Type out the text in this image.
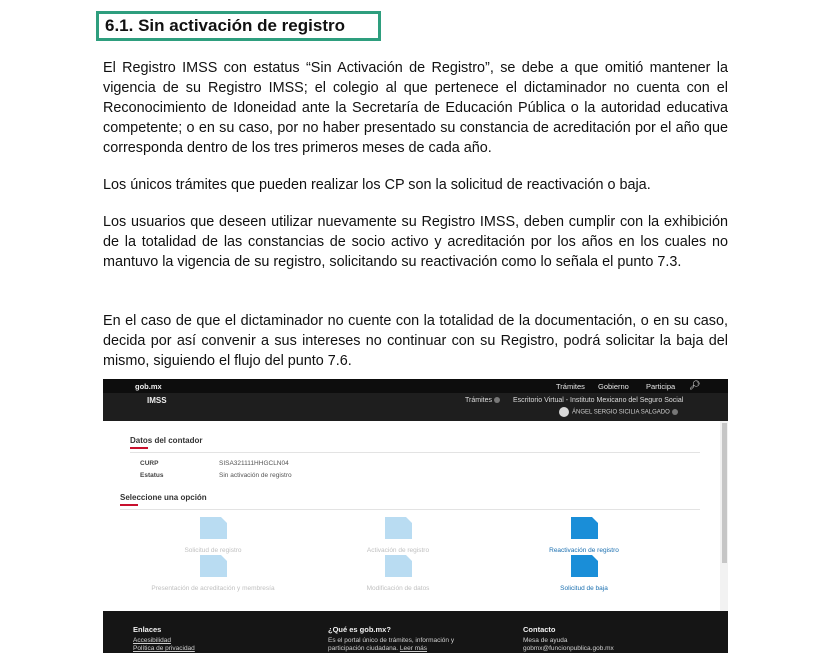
6.1. Sin activación de registro

El Registro IMSS con estatus “Sin Activación de Registro”, se debe a que omitió mantener la vigencia de su Registro IMSS; el colegio al que pertenece el dictaminador no cuenta con el Reconocimiento de Idoneidad ante la Secretaría de Educación Pública o la autoridad educativa competente; o en su caso, por no haber presentado su constancia de acreditación por el año que corresponda dentro de los tres primeros meses de cada año.

Los únicos trámites que pueden realizar los CP son la solicitud de reactivación o baja.

Los usuarios que deseen utilizar nuevamente su Registro IMSS, deben cumplir con la exhibición de la totalidad de las constancias de socio activo y acreditación por los años en los cuales no mantuvo la vigencia de su registro, solicitando su reactivación como lo señala el punto 7.3.

En el caso de que el dictaminador no cuente con la totalidad de la documentación, o en su caso, decida por así convenir a sus intereses no continuar con su Registro, podrá solicitar la baja del mismo, siguiendo el flujo del punto 7.6.

gob.mx	Trámites Gobierno Participa 🔎︎
IMSS	Trámites	Escritorio Virtual - Instituto Mexicano del Seguro Social
ÁNGEL SERGIO SICILIA SALGADO
Datos del contador
CURP	SISA321111HHGCLN04
Estatus	Sin activación de registro
Seleccione una opción
Solicitud de registro	Activación de registro	Reactivación de registro
Presentación de acreditación y membresía	Modificación de datos	Solicitud de baja
Enlaces
Accesibilidad
Política de privacidad
¿Qué es gob.mx?
Es el portal único de trámites, información y
participación ciudadana. Leer más
Contacto
Mesa de ayuda
gobmx@funcionpublica.gob.mx
